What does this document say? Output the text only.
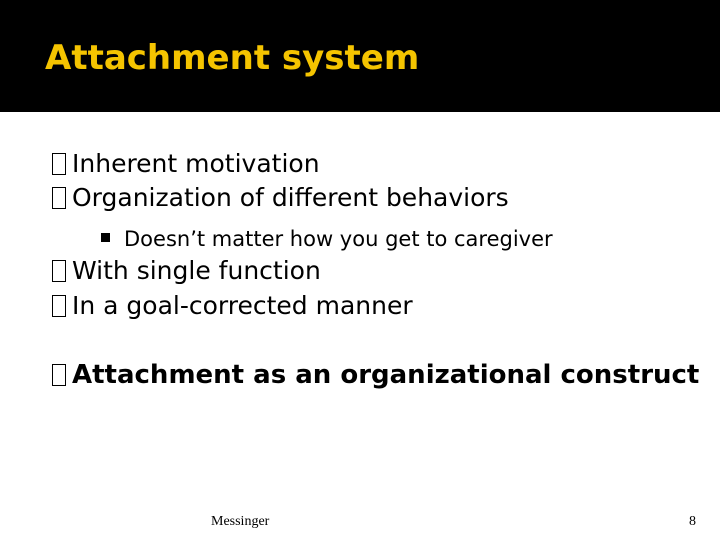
Attachment system
Inherent motivation
Organization of different behaviors
Doesn’t matter how you get to caregiver
With single function
In a goal-corrected manner
Attachment as an organizational construct
Messinger	8
